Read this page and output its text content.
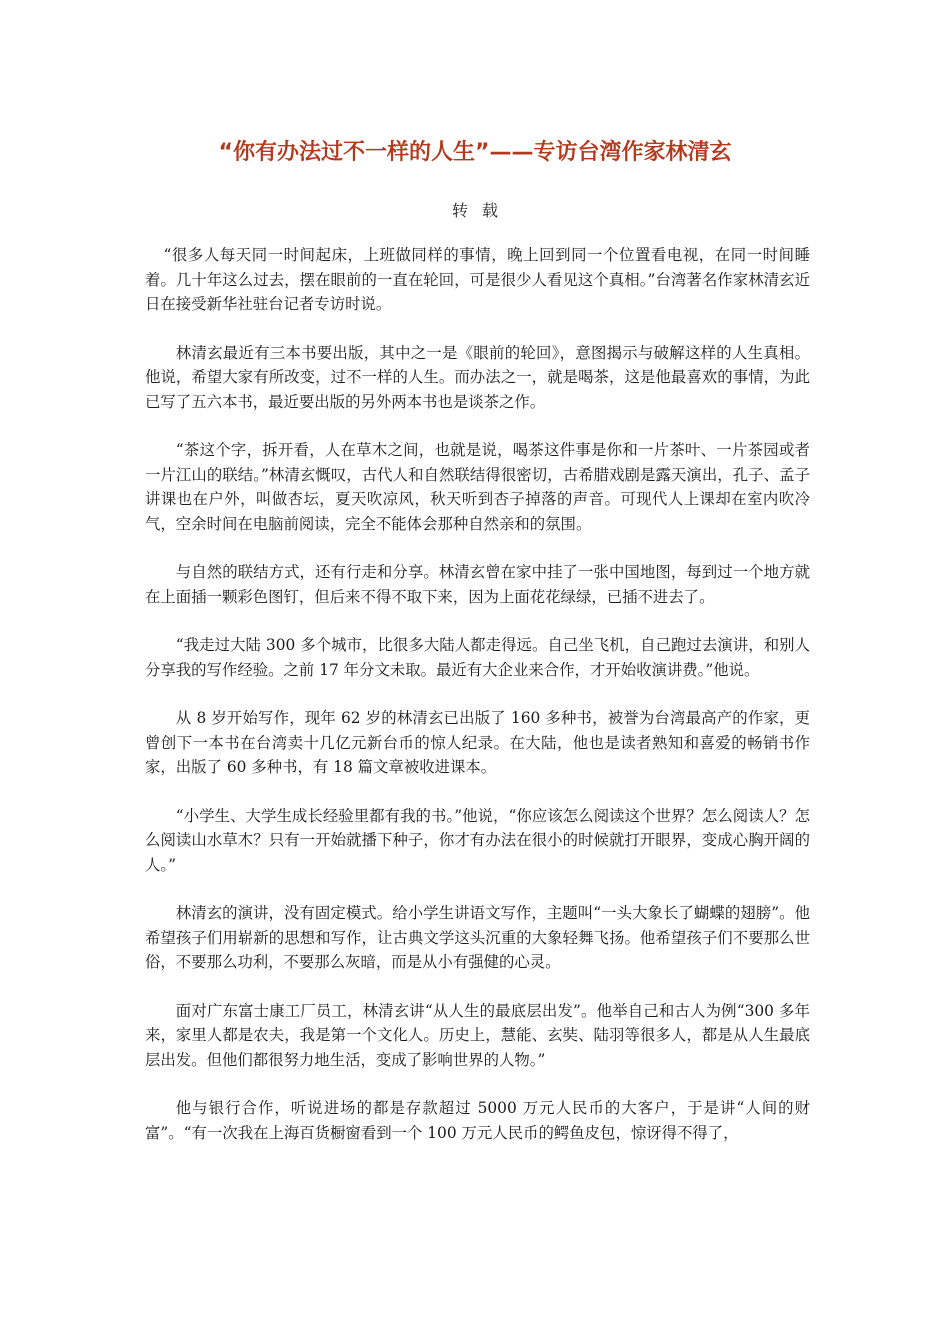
“你有办法过不一样的人生”——专访台湾作家林清玄
转载

“很多人每天同一时间起床，上班做同样的事情，晚上回到同一个位置看电视，在同一时间睡着。几十年这么过去，摆在眼前的一直在轮回，可是很少人看见这个真相。”台湾著名作家林清玄近日在接受新华社驻台记者专访时说。

林清玄最近有三本书要出版，其中之一是《眼前的轮回》，意图揭示与破解这样的人生真相。他说，希望大家有所改变，过不一样的人生。而办法之一，就是喝茶，这是他最喜欢的事情，为此已写了五六本书，最近要出版的另外两本书也是谈茶之作。

“茶这个字，拆开看，人在草木之间，也就是说，喝茶这件事是你和一片茶叶、一片茶园或者一片江山的联结。”林清玄慨叹，古代人和自然联结得很密切，古希腊戏剧是露天演出，孔子、孟子讲课也在户外，叫做杏坛，夏天吹凉风，秋天听到杏子掉落的声音。可现代人上课却在室内吹冷气，空余时间在电脑前阅读，完全不能体会那种自然亲和的氛围。

与自然的联结方式，还有行走和分享。林清玄曾在家中挂了一张中国地图，每到过一个地方就在上面插一颗彩色图钉，但后来不得不取下来，因为上面花花绿绿，已插不进去了。

“我走过大陆 300 多个城市，比很多大陆人都走得远。自己坐飞机，自己跑过去演讲，和别人分享我的写作经验。之前 17 年分文未取。最近有大企业来合作，才开始收演讲费。”他说。

从 8 岁开始写作，现年 62 岁的林清玄已出版了 160 多种书，被誉为台湾最高产的作家，更曾创下一本书在台湾卖十几亿元新台币的惊人纪录。在大陆，他也是读者熟知和喜爱的畅销书作家，出版了 60 多种书，有 18 篇文章被收进课本。

“小学生、大学生成长经验里都有我的书。”他说，“你应该怎么阅读这个世界？怎么阅读人？怎么阅读山水草木？只有一开始就播下种子，你才有办法在很小的时候就打开眼界，变成心胸开阔的人。”

林清玄的演讲，没有固定模式。给小学生讲语文写作，主题叫“一头大象长了蝴蝶的翅膀”。他希望孩子们用崭新的思想和写作，让古典文学这头沉重的大象轻舞飞扬。他希望孩子们不要那么世俗，不要那么功利，不要那么灰暗，而是从小有强健的心灵。

面对广东富士康工厂员工，林清玄讲“从人生的最底层出发”。他举自己和古人为例“300 多年来，家里人都是农夫，我是第一个文化人。历史上，慧能、玄奘、陆羽等很多人，都是从人生最底层出发。但他们都很努力地生活，变成了影响世界的人物。”

他与银行合作，听说进场的都是存款超过 5000 万元人民币的大客户，于是讲“人间的财富”。“有一次我在上海百货橱窗看到一个 100 万元人民币的鳄鱼皮包，惊讶得不得了，
